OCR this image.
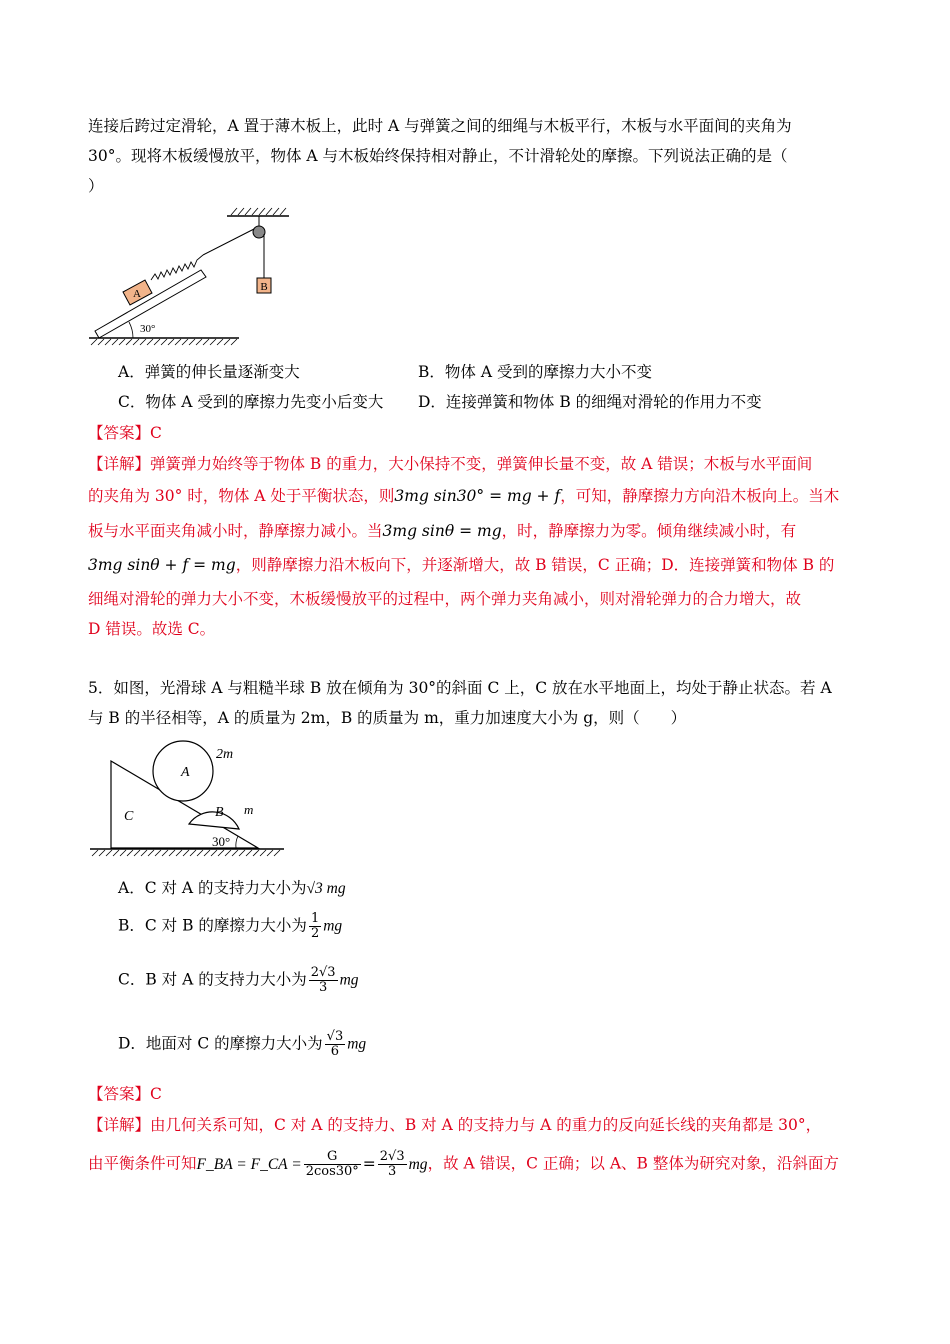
连接后跨过定滑轮，A 置于薄木板上，此时 A 与弹簧之间的细绳与木板平行，木板与水平面间的夹角为
30°。现将木板缓慢放平，物体 A 与木板始终保持相对静止，不计滑轮处的摩擦。下列说法正确的是（
）
B
A
30°
A．弹簧的伸长量逐渐变大	B．物体 A 受到的摩擦力大小不变
C．物体 A 受到的摩擦力先变小后变大 D．连接弹簧和物体 B 的细绳对滑轮的作用力不变
【答案】C
【详解】弹簧弹力始终等于物体 B 的重力，大小保持不变，弹簧伸长量不变，故 A 错误；木板与水平面间
的夹角为 30° 时，物体 A 处于平衡状态，则3mg sin30° = mg + f，可知，静摩擦力方向沿木板向上。当木
板与水平面夹角减小时，静摩擦力减小。当3mg sinθ = mg，时，静摩擦力为零。倾角继续减小时，有
3mg sinθ + f = mg，则静摩擦力沿木板向下，并逐渐增大，故 B 错误，C 正确；D．连接弹簧和物体 B 的
细绳对滑轮的弹力大小不变，木板缓慢放平的过程中，两个弹力夹角减小，则对滑轮弹力的合力增大，故
D 错误。故选 C。
5．如图，光滑球 A 与粗糙半球 B 放在倾角为 30°的斜面 C 上，C 放在水平地面上，均处于静止状态。若 A
与 B 的半径相等，A 的质量为 2m，B 的质量为 m，重力加速度大小为 g，则（　　）
C	B m
A
2m
30°
A．C 对 A 的支持力大小为√3 mg
B．C 对 B 的摩擦力大小为 $\frac{1}{2}$ mg
C．B 对 A 的支持力大小为 $\frac{2√3}{3}$ mg
D．地面对 C 的摩擦力大小为 $\frac{√3}{6}$ mg
【答案】C
【详解】由几何关系可知，C 对 A 的支持力、B 对 A 的支持力与 A 的重力的反向延长线的夹角都是 30°，
由平衡条件可知F_BA = F_CA = $\frac{G}{2\cos 30^\circ} = \frac{2√3}{3}$ mg，故 A 错误，C 正确；以 A、B 整体为研究对象，沿斜面方
